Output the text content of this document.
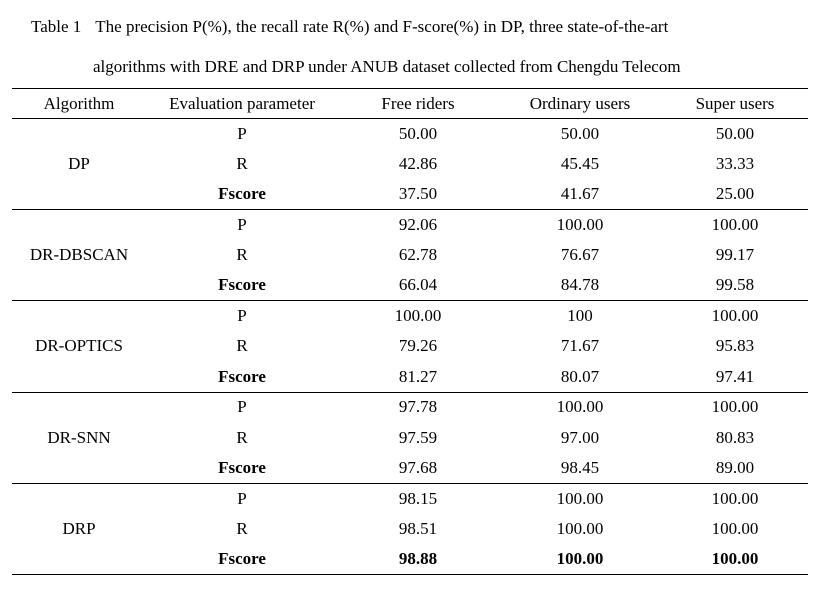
Table 1 The precision P(%), the recall rate R(%) and F-score(%) in DP, three state-of-the-art
algorithms with DRE and DRP under ANUB dataset collected from Chengdu Telecom
Algorithm	Evaluation parameter	Free riders	Ordinary users	Super users
DP	P	50.00	50.00	50.00
	R	42.86	45.45	33.33
	Fscore	37.50	41.67	25.00
DR-DBSCAN	P	92.06	100.00	100.00
	R	62.78	76.67	99.17
	Fscore	66.04	84.78	99.58
DR-OPTICS	P	100.00	100	100.00
	R	79.26	71.67	95.83
	Fscore	81.27	80.07	97.41
DR-SNN	P	97.78	100.00	100.00
	R	97.59	97.00	80.83
	Fscore	97.68	98.45	89.00
DRP	P	98.15	100.00	100.00
	R	98.51	100.00	100.00
	Fscore	98.88	100.00	100.00
